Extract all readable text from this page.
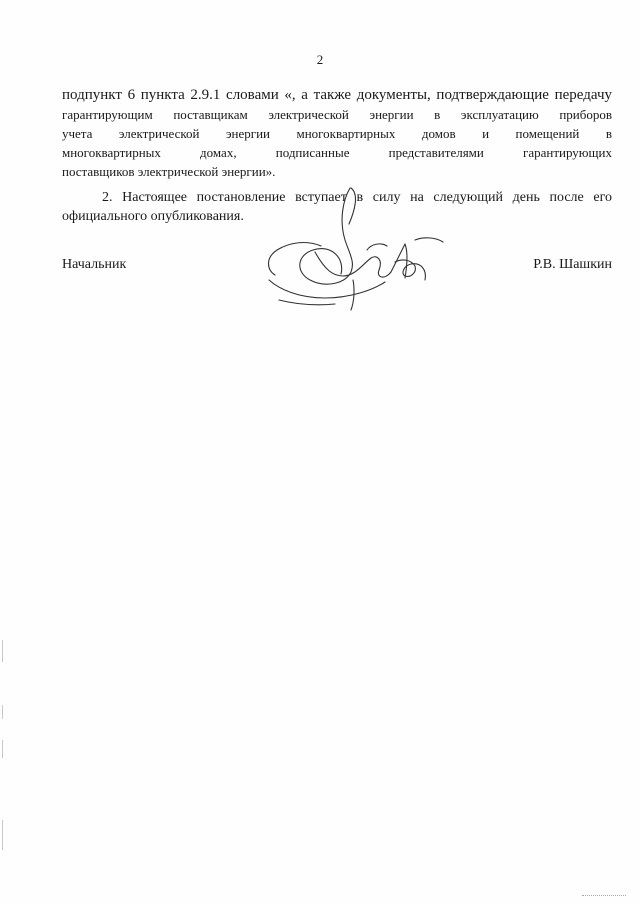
2
подпункт 6 пункта 2.9.1 словами «, а также документы, подтверждающие передачу
гарантирующим поставщикам электрической энергии в эксплуатацию приборов
учета электрической энергии многоквартирных домов и помещений в
многоквартирных домах, подписанные представителями гарантирующих
поставщиков электрической энергии».
2. Настоящее постановление вступает в силу на следующий день после его
официального опубликования.
Начальник	Р.В. Шашкин
